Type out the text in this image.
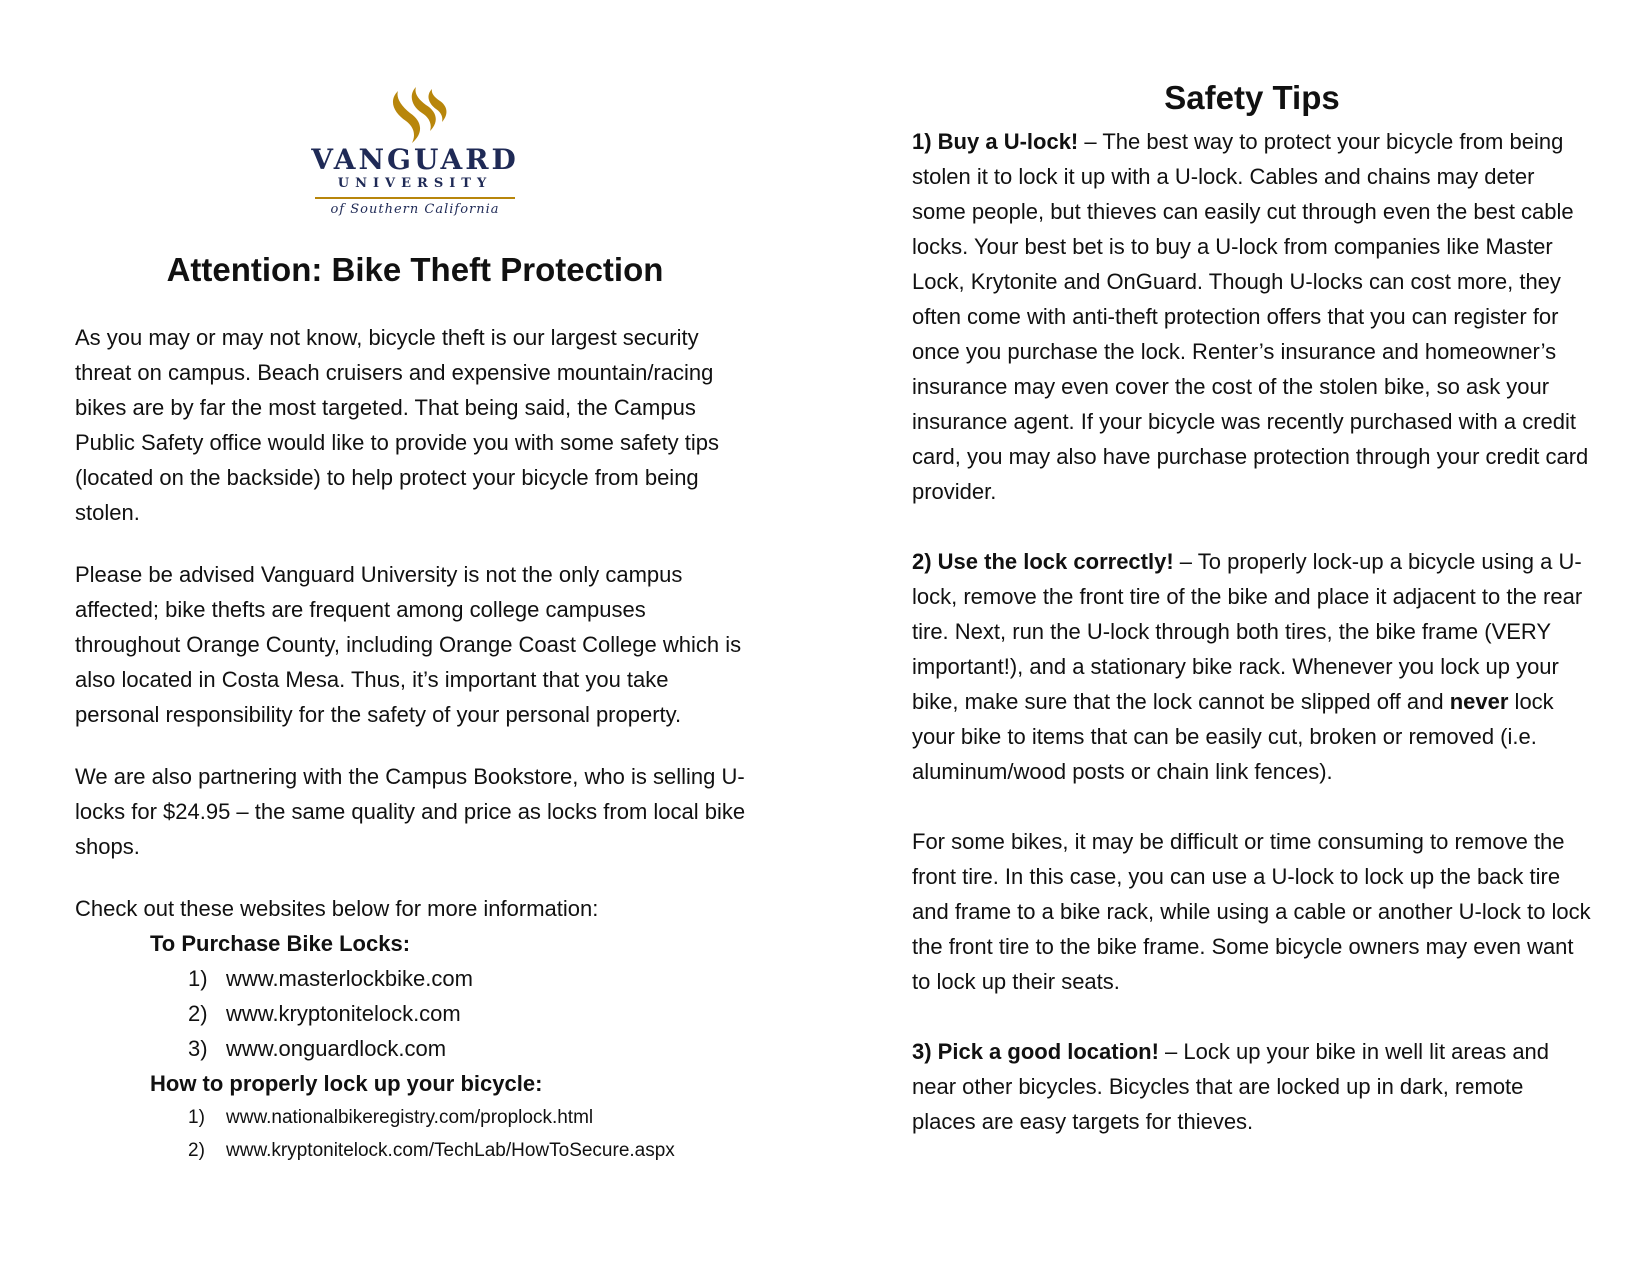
VANGUARD
UNIVERSITY
of Southern California
Attention: Bike Theft Protection

As you may or may not know, bicycle theft is our largest security threat on campus. Beach cruisers and expensive mountain/racing bikes are by far the most targeted. That being said, the Campus Public Safety office would like to provide you with some safety tips (located on the backside) to help protect your bicycle from being stolen.

Please be advised Vanguard University is not the only campus affected; bike thefts are frequent among college campuses throughout Orange County, including Orange Coast College which is also located in Costa Mesa. Thus, it’s important that you take personal responsibility for the safety of your personal property.

We are also partnering with the Campus Bookstore, who is selling U-locks for $24.95 – the same quality and price as locks from local bike shops.

Check out these websites below for more information:
To Purchase Bike Locks:
1) www.masterlockbike.com
2) www.kryptonitelock.com
3) www.onguardlock.com
How to properly lock up your bicycle:
1)	www.nationalbikeregistry.com/proplock.html
2)	www.kryptonitelock.com/TechLab/HowToSecure.aspx
Safety Tips

1) Buy a U-lock! – The best way to protect your bicycle from being stolen it to lock it up with a U-lock. Cables and chains may deter some people, but thieves can easily cut through even the best cable locks. Your best bet is to buy a U-lock from companies like Master Lock, Krytonite and OnGuard. Though U-locks can cost more, they often come with anti-theft protection offers that you can register for once you purchase the lock. Renter’s insurance and homeowner’s insurance may even cover the cost of the stolen bike, so ask your insurance agent. If your bicycle was recently purchased with a credit card, you may also have purchase protection through your credit card provider.

2) Use the lock correctly! – To properly lock-up a bicycle using a U-lock, remove the front tire of the bike and place it adjacent to the rear tire. Next, run the U-lock through both tires, the bike frame (VERY important!), and a stationary bike rack. Whenever you lock up your bike, make sure that the lock cannot be slipped off and never lock your bike to items that can be easily cut, broken or removed (i.e. aluminum/wood posts or chain link fences).

For some bikes, it may be difficult or time consuming to remove the front tire. In this case, you can use a U-lock to lock up the back tire and frame to a bike rack, while using a cable or another U-lock to lock the front tire to the bike frame. Some bicycle owners may even want to lock up their seats.

3) Pick a good location! – Lock up your bike in well lit areas and near other bicycles. Bicycles that are locked up in dark, remote places are easy targets for thieves.
